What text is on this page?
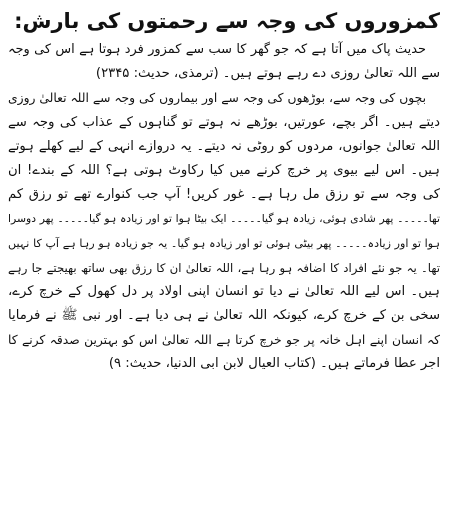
کمزوروں کی وجہ سے رحمتوں کی بارش:
حدیث پاک میں آتا ہے کہ جو گھر کا سب سے کمزور فرد ہوتا ہے اس کی وجہ
سے اللہ تعالیٰ روزی دے رہے ہوتے ہیں۔ (ترمذی، حدیث: ۲۳۴۵)
بچوں کی وجہ سے، بوڑھوں کی وجہ سے اور بیماروں کی وجہ سے اللہ تعالیٰ روزی
دیتے ہیں۔ اگر بچے، عورتیں، بوڑھے نہ ہوتے تو گناہوں کے عذاب کی وجہ سے
اللہ تعالیٰ جوانوں، مردوں کو روٹی نہ دیتے۔ یہ دروازے انہی کے لیے کھلے ہوتے
ہیں۔ اس لیے بیوی پر خرچ کرنے میں کیا رکاوٹ ہوتی ہے؟ اللہ کے بندے! ان
کی وجہ سے تو رزق مل رہا ہے۔ غور کریں! آپ جب کنوارے تھے تو رزق کم
تھا۔۔۔۔۔ پھر شادی ہوئی، زیادہ ہو گیا۔۔۔۔۔ ایک بیٹا ہوا تو اور زیادہ ہو گیا۔۔۔۔۔ پھر دوسرا
ہوا تو اور زیادہ۔۔۔۔۔ پھر بیٹی ہوئی تو اور زیادہ ہو گیا۔ یہ جو زیادہ ہو رہا ہے آپ کا نہیں
تھا۔ یہ جو نئے افراد کا اضافہ ہو رہا ہے، اللہ تعالیٰ ان کا رزق بھی ساتھ بھیجتے جا رہے
ہیں۔ اس لیے اللہ تعالیٰ نے دیا تو انسان اپنی اولاد پر دل کھول کے خرچ کرے،
سخی بن کے خرچ کرے، کیونکہ اللہ تعالیٰ نے ہی دیا ہے۔ اور نبی ﷺ نے فرمایا
کہ انسان اپنے اہل خانہ پر جو خرچ کرتا ہے اللہ تعالیٰ اس کو بہترین صدقہ کرنے کا
اجر عطا فرماتے ہیں۔ (کتاب العیال لابن ابی الدنیا، حدیث: ۹)
